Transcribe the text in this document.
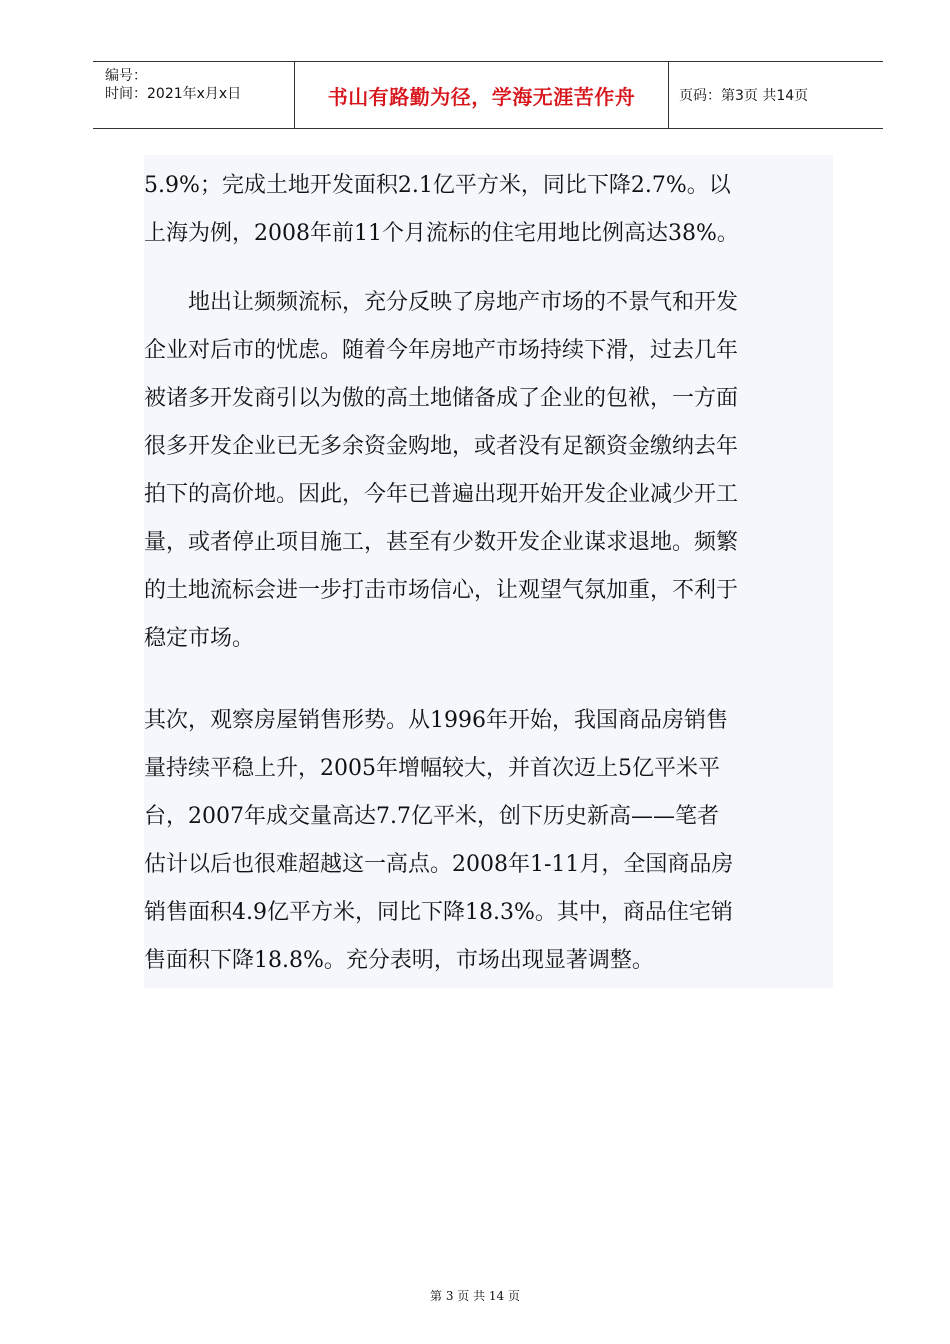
编号：
时间：2021年x月x日	书山有路勤为径，学海无涯苦作舟	页码：第3页 共14页
5.9%；完成土地开发面积2.1亿平方米，同比下降2.7%。以
上海为例，2008年前11个月流标的住宅用地比例高达38%。
　　地出让频频流标，充分反映了房地产市场的不景气和开发
企业对后市的忧虑。随着今年房地产市场持续下滑，过去几年
被诸多开发商引以为傲的高土地储备成了企业的包袱，一方面
很多开发企业已无多余资金购地，或者没有足额资金缴纳去年
拍下的高价地。因此，今年已普遍出现开始开发企业减少开工
量，或者停止项目施工，甚至有少数开发企业谋求退地。频繁
的土地流标会进一步打击市场信心，让观望气氛加重，不利于
稳定市场。
其次，观察房屋销售形势。从1996年开始，我国商品房销售
量持续平稳上升，2005年增幅较大，并首次迈上5亿平米平
台，2007年成交量高达7.7亿平米，创下历史新高——笔者
估计以后也很难超越这一高点。2008年1-11月，全国商品房
销售面积4.9亿平方米，同比下降18.3%。其中，商品住宅销
售面积下降18.8%。充分表明，市场出现显著调整。
第 3 页 共 14 页
